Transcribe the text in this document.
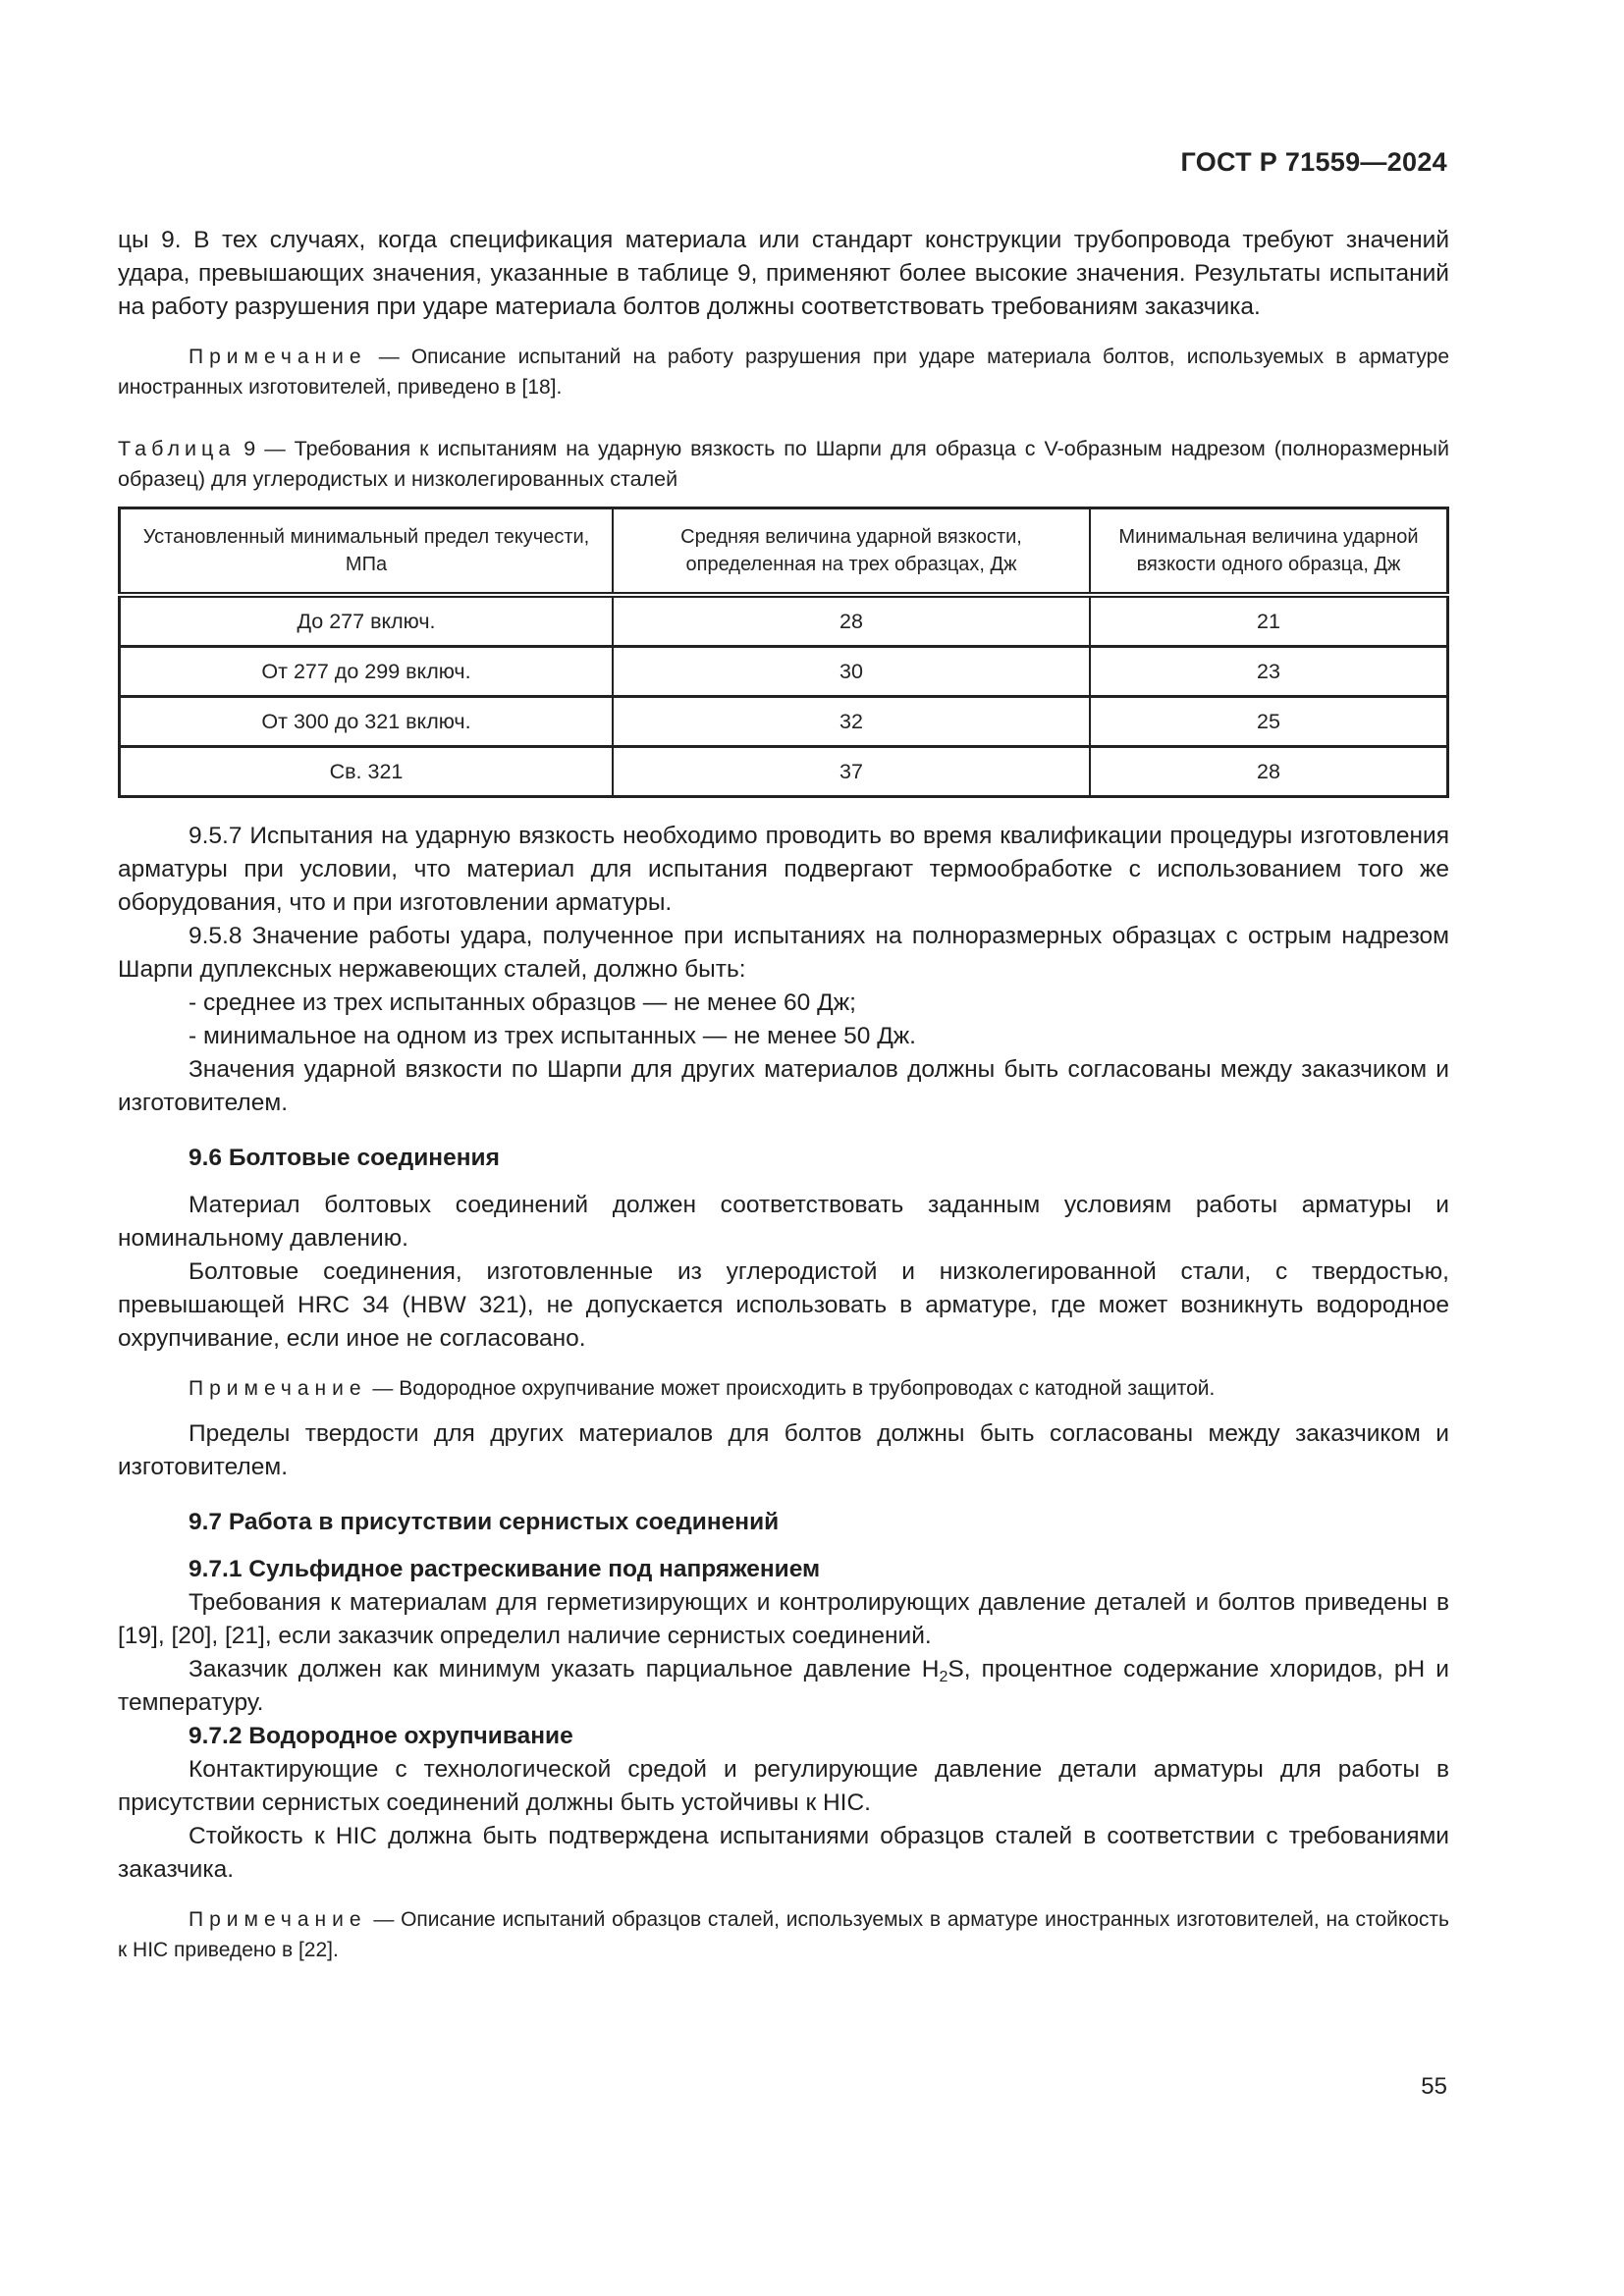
ГОСТ Р 71559—2024

цы 9. В тех случаях, когда спецификация материала или стандарт конструкции трубопровода требуют значений удара, превышающих значения, указанные в таблице 9, применяют более высокие значения. Результаты испытаний на работу разрушения при ударе материала болтов должны соответствовать требованиям заказчика.

Примечание — Описание испытаний на работу разрушения при ударе материала болтов, используемых в арматуре иностранных изготовителей, приведено в [18].

Таблица 9 — Требования к испытаниям на ударную вязкость по Шарпи для образца с V-образным надрезом (полноразмерный образец) для углеродистых и низколегированных сталей

Установленный минимальный предел текучести, МПа	Средняя величина ударной вязкости, определенная на трех образцах, Дж	Минимальная величина ударной вязкости одного образца, Дж
До 277 включ.	28	21
От 277 до 299 включ.	30	23
От 300 до 321 включ.	32	25
Св. 321	37	28

9.5.7 Испытания на ударную вязкость необходимо проводить во время квалификации процедуры изготовления арматуры при условии, что материал для испытания подвергают термообработке с использованием того же оборудования, что и при изготовлении арматуры.

9.5.8 Значение работы удара, полученное при испытаниях на полноразмерных образцах с острым надрезом Шарпи дуплексных нержавеющих сталей, должно быть:

- среднее из трех испытанных образцов — не менее 60 Дж;

- минимальное на одном из трех испытанных — не менее 50 Дж.

Значения ударной вязкости по Шарпи для других материалов должны быть согласованы между заказчиком и изготовителем.

9.6 Болтовые соединения

Материал болтовых соединений должен соответствовать заданным условиям работы арматуры и номинальному давлению.

Болтовые соединения, изготовленные из углеродистой и низколегированной стали, с твердостью, превышающей HRC 34 (HBW 321), не допускается использовать в арматуре, где может возникнуть водородное охрупчивание, если иное не согласовано.

Примечание — Водородное охрупчивание может происходить в трубопроводах с катодной защитой.

Пределы твердости для других материалов для болтов должны быть согласованы между заказчиком и изготовителем.

9.7 Работа в присутствии сернистых соединений
9.7.1 Сульфидное растрескивание под напряжением

Требования к материалам для герметизирующих и контролирующих давление деталей и болтов приведены в [19], [20], [21], если заказчик определил наличие сернистых соединений.

Заказчик должен как минимум указать парциальное давление $H_2S$, процентное содержание хлоридов, pH и температуру.

9.7.2 Водородное охрупчивание

Контактирующие с технологической средой и регулирующие давление детали арматуры для работы в присутствии сернистых соединений должны быть устойчивы к HIC.

Стойкость к HIC должна быть подтверждена испытаниями образцов сталей в соответствии с требованиями заказчика.

Примечание — Описание испытаний образцов сталей, используемых в арматуре иностранных изготовителей, на стойкость к HIC приведено в [22].

55
